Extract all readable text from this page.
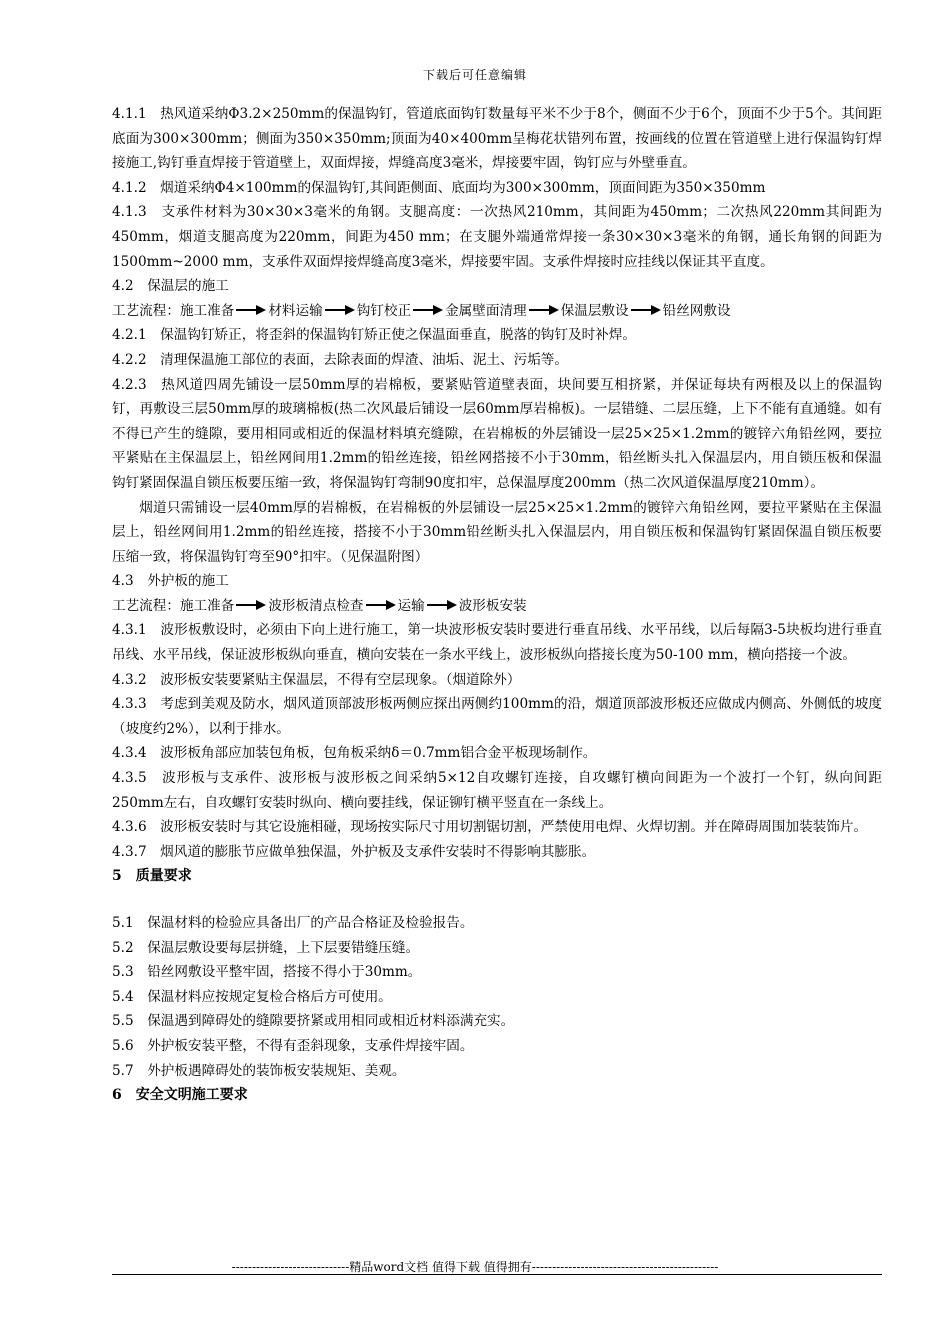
下载后可任意编辑

4.1.1　热风道采纳Φ3.2×250mm的保温钩钉，管道底面钩钉数量每平米不少于8个，侧面不少于6个，顶面不少于5个。其间距底面为300×300mm；侧面为350×350mm;顶面为40×400mm呈梅花状错列布置，按画线的位置在管道壁上进行保温钩钉焊接施工,钩钉垂直焊接于管道壁上，双面焊接，焊缝高度3毫米，焊接要牢固，钩钉应与外壁垂直。

4.1.2　烟道采纳Φ4×100mm的保温钩钉,其间距侧面、底面均为300×300mm，顶面间距为350×350mm

4.1.3　支承件材料为30×30×3毫米的角钢。支腿高度：一次热风210mm，其间距为450mm；二次热风220mm其间距为450mm，烟道支腿高度为220mm，间距为450 mm；在支腿外端通常焊接一条30×30×3毫米的角钢，通长角钢的间距为1500mm~2000 mm，支承件双面焊接焊缝高度3毫米，焊接要牢固。支承件焊接时应挂线以保证其平直度。

4.2　保温层的施工

工艺流程：施工准备	材料运输	钩钉校正	金属壁面清理	保温层敷设	铅丝网敷设

4.2.1　保温钩钉矫正，将歪斜的保温钩钉矫正使之保温面垂直，脱落的钩钉及时补焊。

4.2.2　清理保温施工部位的表面，去除表面的焊渣、油垢、泥土、污垢等。

4.2.3　热风道四周先铺设一层50mm厚的岩棉板，要紧贴管道壁表面，块间要互相挤紧，并保证每块有两根及以上的保温钩钉，再敷设三层50mm厚的玻璃棉板(热二次风最后铺设一层60mm厚岩棉板)。一层错缝、二层压缝，上下不能有直通缝。如有不得已产生的缝隙，要用相同或相近的保温材料填充缝隙，在岩棉板的外层铺设一层25×25×1.2mm的镀锌六角铅丝网，要拉平紧贴在主保温层上，铅丝网间用1.2mm的铅丝连接，铅丝网搭接不小于30mm，铅丝断头扎入保温层内，用自锁压板和保温钩钉紧固保温自锁压板要压缩一致，将保温钩钉弯制90度扣牢，总保温厚度200mm（热二次风道保温厚度210mm）。

烟道只需铺设一层40mm厚的岩棉板，在岩棉板的外层铺设一层25×25×1.2mm的镀锌六角铅丝网，要拉平紧贴在主保温层上，铅丝网间用1.2mm的铅丝连接，搭接不小于30mm铅丝断头扎入保温层内，用自锁压板和保温钩钉紧固保温自锁压板要压缩一致，将保温钩钉弯至90°扣牢。（见保温附图）

4.3　外护板的施工

工艺流程：施工准备	波形板清点检查	运输	波形板安装

4.3.1　波形板敷设时，必须由下向上进行施工，第一块波形板安装时要进行垂直吊线、水平吊线，以后每隔3-5块板均进行垂直吊线、水平吊线，保证波形板纵向垂直，横向安装在一条水平线上，波形板纵向搭接长度为50-100 mm，横向搭接一个波。

4.3.2　波形板安装要紧贴主保温层，不得有空层现象。（烟道除外）

4.3.3　考虑到美观及防水，烟风道顶部波形板两侧应探出两侧约100mm的沿，烟道顶部波形板还应做成内侧高、外侧低的坡度（坡度约2%），以利于排水。

4.3.4　波形板角部应加装包角板，包角板采纳δ＝0.7mm铝合金平板现场制作。

4.3.5　波形板与支承件、波形板与波形板之间采纳5×12自攻螺钉连接，自攻螺钉横向间距为一个波打一个钉，纵向间距250mm左右，自攻螺钉安装时纵向、横向要挂线，保证铆钉横平竖直在一条线上。

4.3.6　波形板安装时与其它设施相碰，现场按实际尺寸用切割锯切割，严禁使用电焊、火焊切割。并在障碍周围加装装饰片。

4.3.7　烟风道的膨胀节应做单独保温，外护板及支承件安装时不得影响其膨胀。

5　质量要求

5.1　保温材料的检验应具备出厂的产品合格证及检验报告。

5.2　保温层敷设要每层拼缝，上下层要错缝压缝。

5.3　铅丝网敷设平整牢固，搭接不得小于30mm。

5.4　保温材料应按规定复检合格后方可使用。

5.5　保温遇到障碍处的缝隙要挤紧或用相同或相近材料添满充实。

5.6　外护板安装平整，不得有歪斜现象，支承件焊接牢固。

5.7　外护板遇障碍处的装饰板安装规矩、美观。

6　安全文明施工要求
-----------------------------精品word文档 值得下载 值得拥有----------------------------------------------
